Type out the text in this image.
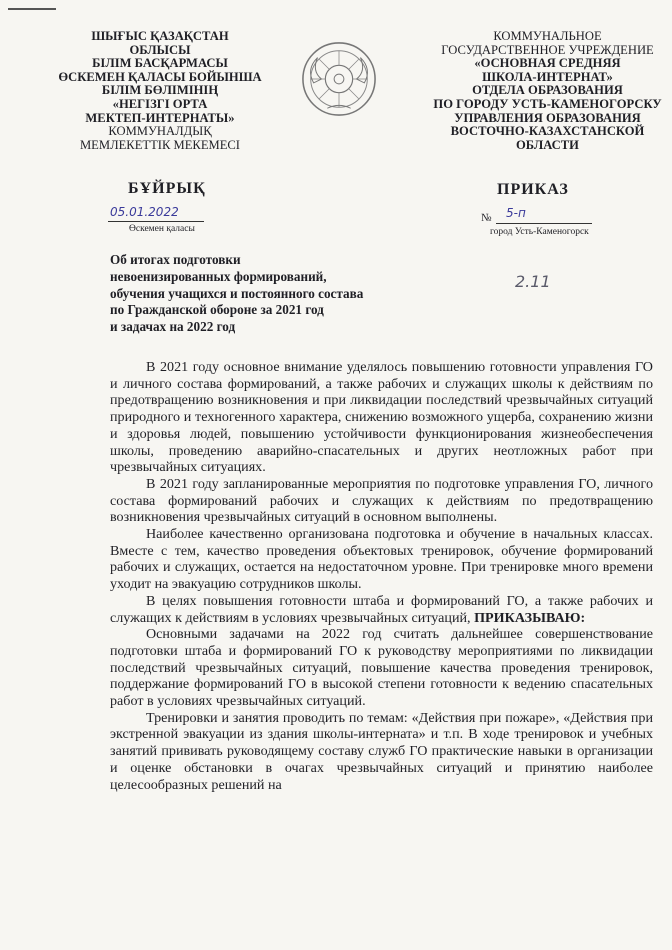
ШЫҒЫС ҚАЗАҚСТАН
ОБЛЫСЫ
БІЛІМ БАСҚАРМАСЫ
ӨСКЕМЕН ҚАЛАСЫ БОЙЫНША
БІЛІМ БӨЛІМІНІҢ
«НЕГІЗГІ ОРТА
МЕКТЕП-ИНТЕРНАТЫ»
КОММУНАЛДЫҚ
МЕМЛЕКЕТТІК МЕКЕМЕСІ
КОММУНАЛЬНОЕ
ГОСУДАРСТВЕННОЕ УЧРЕЖДЕНИЕ
«ОСНОВНАЯ СРЕДНЯЯ
ШКОЛА-ИНТЕРНАТ»
ОТДЕЛА ОБРАЗОВАНИЯ
ПО ГОРОДУ УСТЬ-КАМЕНОГОРСКУ
УПРАВЛЕНИЯ ОБРАЗОВАНИЯ
ВОСТОЧНО-КАЗАХСТАНСКОЙ
ОБЛАСТИ
БҰЙРЫҚ	ПРИКАЗ
05.01.2022
Өскемен қаласы
№ 5-п
город Усть-Каменогорск
Об итогах подготовки
невоенизированных формирований,
обучения учащихся и постоянного состава
по Гражданской обороне за 2021 год
и задачах на 2022 год
2.11

В 2021 году основное внимание уделялось повышению готовности управления ГО и личного состава формирований, а также рабочих и служащих школы к действиям по предотвращению возникновения и при ликвидации последствий чрезвычайных ситуаций природного и техногенного характера, снижению возможного ущерба, сохранению жизни и здоровья людей, повышению устойчивости функционирования жизнеобеспечения школы, проведению аварийно-спасательных и других неотложных работ при чрезвычайных ситуациях.

В 2021 году запланированные мероприятия по подготовке управления ГО, личного состава формирований рабочих и служащих к действиям по предотвращению возникновения чрезвычайных ситуаций в основном выполнены.

Наиболее качественно организована подготовка и обучение в начальных классах. Вместе с тем, качество проведения объектовых тренировок, обучение формирований рабочих и служащих, остается на недостаточном уровне. При тренировке много времени уходит на эвакуацию сотрудников школы.

В целях повышения готовности штаба и формирований ГО, а также рабочих и служащих к действиям в условиях чрезвычайных ситуаций, ПРИКАЗЫВАЮ:

Основными задачами на 2022 год считать дальнейшее совершенствование подготовки штаба и формирований ГО к руководству мероприятиями по ликвидации последствий чрезвычайных ситуаций, повышение качества проведения тренировок, поддержание формирований ГО в высокой степени готовности к ведению спасательных работ в условиях чрезвычайных ситуаций.

Тренировки и занятия проводить по темам: «Действия при пожаре», «Действия при экстренной эвакуации из здания школы-интерната» и т.п. В ходе тренировок и учебных занятий прививать руководящему составу служб ГО практические навыки в организации и оценке обстановки в очагах чрезвычайных ситуаций и принятию наиболее целесообразных решений на
